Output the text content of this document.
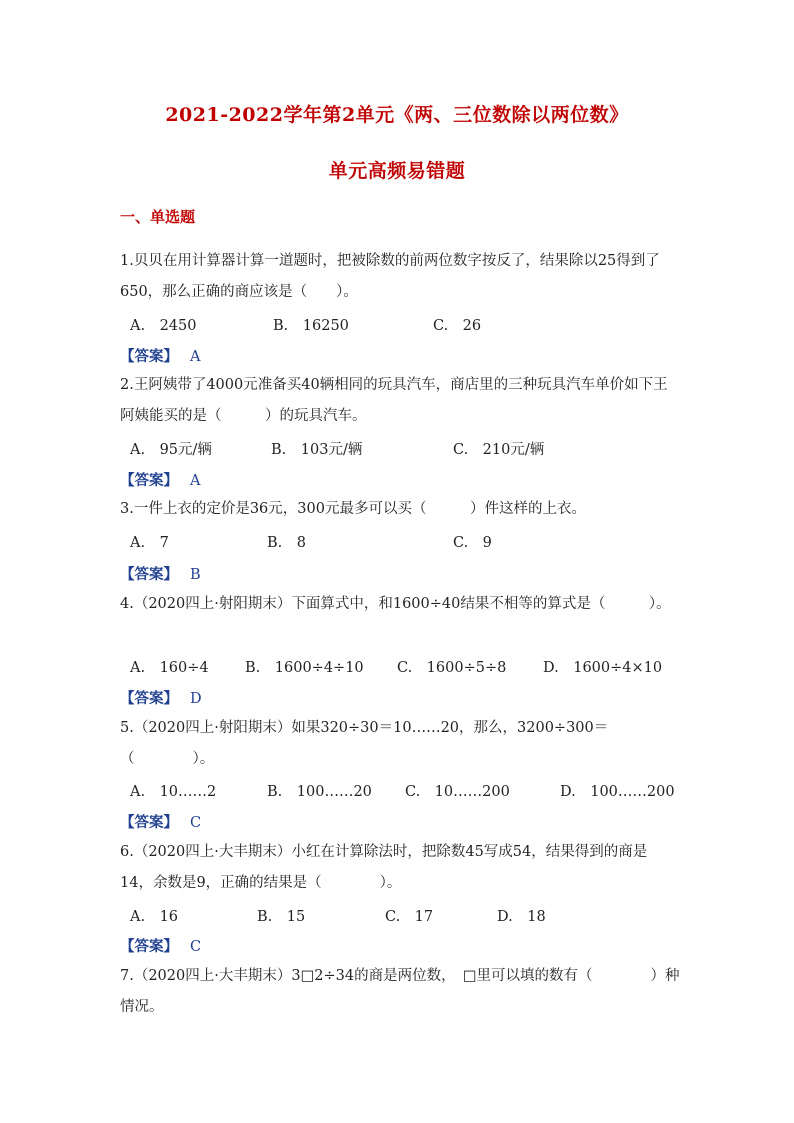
2021-2022学年第2单元《两、三位数除以两位数》
单元高频易错题
一、单选题
1.贝贝在用计算器计算一道题时，把被除数的前两位数字按反了，结果除以25得到了650，那么正确的商应该是（　　）。
A.　2450	B.　16250	C.　26
【答案】 A
2.王阿姨带了4000元准备买40辆相同的玩具汽车，商店里的三种玩具汽车单价如下王阿姨能买的是（　　　）的玩具汽车。
A.　95元/辆	B.　103元/辆	C.　210元/辆
【答案】 A
3.一件上衣的定价是36元，300元最多可以买（　　　）件这样的上衣。
A.　7	B.　8	C.　9
【答案】 B
4.（2020四上·射阳期末）下面算式中，和1600÷40结果不相等的算式是（　　　）。
A.　160÷4	B.　1600÷4÷10 C.　1600÷5÷8	D.　1600÷4×10
【答案】 D
5.（2020四上·射阳期末）如果320÷30＝10……20，那么，3200÷300＝（　　　　）。
A.　10……2	B.　100……20 C.　10……200	D.　100……200
【答案】 C
6.（2020四上·大丰期末）小红在计算除法时，把除数45写成54，结果得到的商是14，余数是9，正确的结果是（　　　　）。
A.　16	B.　15	C.　17	D.　18
【答案】 C
7.（2020四上·大丰期末）3□2÷34的商是两位数，　□里可以填的数有（　　　　）种情况。
